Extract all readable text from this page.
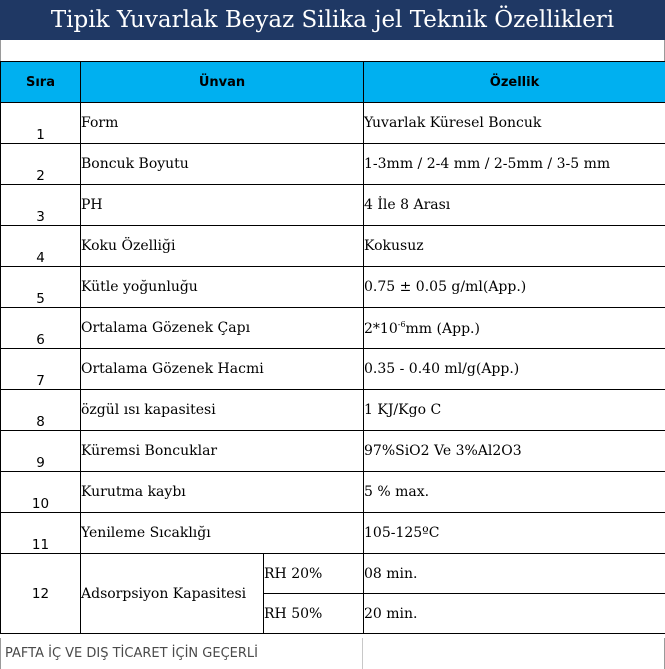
Tipik Yuvarlak Beyaz Silika jel Teknik Özellikleri
Sıra	Ünvan		Özellik
1	Form		Yuvarlak Küresel Boncuk
2	Boncuk Boyutu		1-3mm / 2-4 mm / 2-5mm / 3-5 mm
3	PH		4 İle 8 Arası
4	Koku Özelliği		Kokusuz
5	Kütle yoğunluğu		0.75 ± 0.05 g/ml(App.)
6	Ortalama Gözenek Çapı		$2*10^{-6}mm$ (App.)
7	Ortalama Gözenek Hacmi		0.35 - 0.40 ml/g(App.)
8	özgül ısı kapasitesi		1 KJ/Kgo C
9	Küremsi Boncuklar		97%SiO2 Ve 3%Al2O3
10	Kurutma kaybı		5 % max.
11	Yenileme Sıcaklığı		105-125ºC
12	Adsorpsiyon Kapasitesi	RH 20%	08 min.
		RH 50%	20 min.
PAFTA İÇ VE DIŞ TİCARET İÇİN GEÇERLİ
